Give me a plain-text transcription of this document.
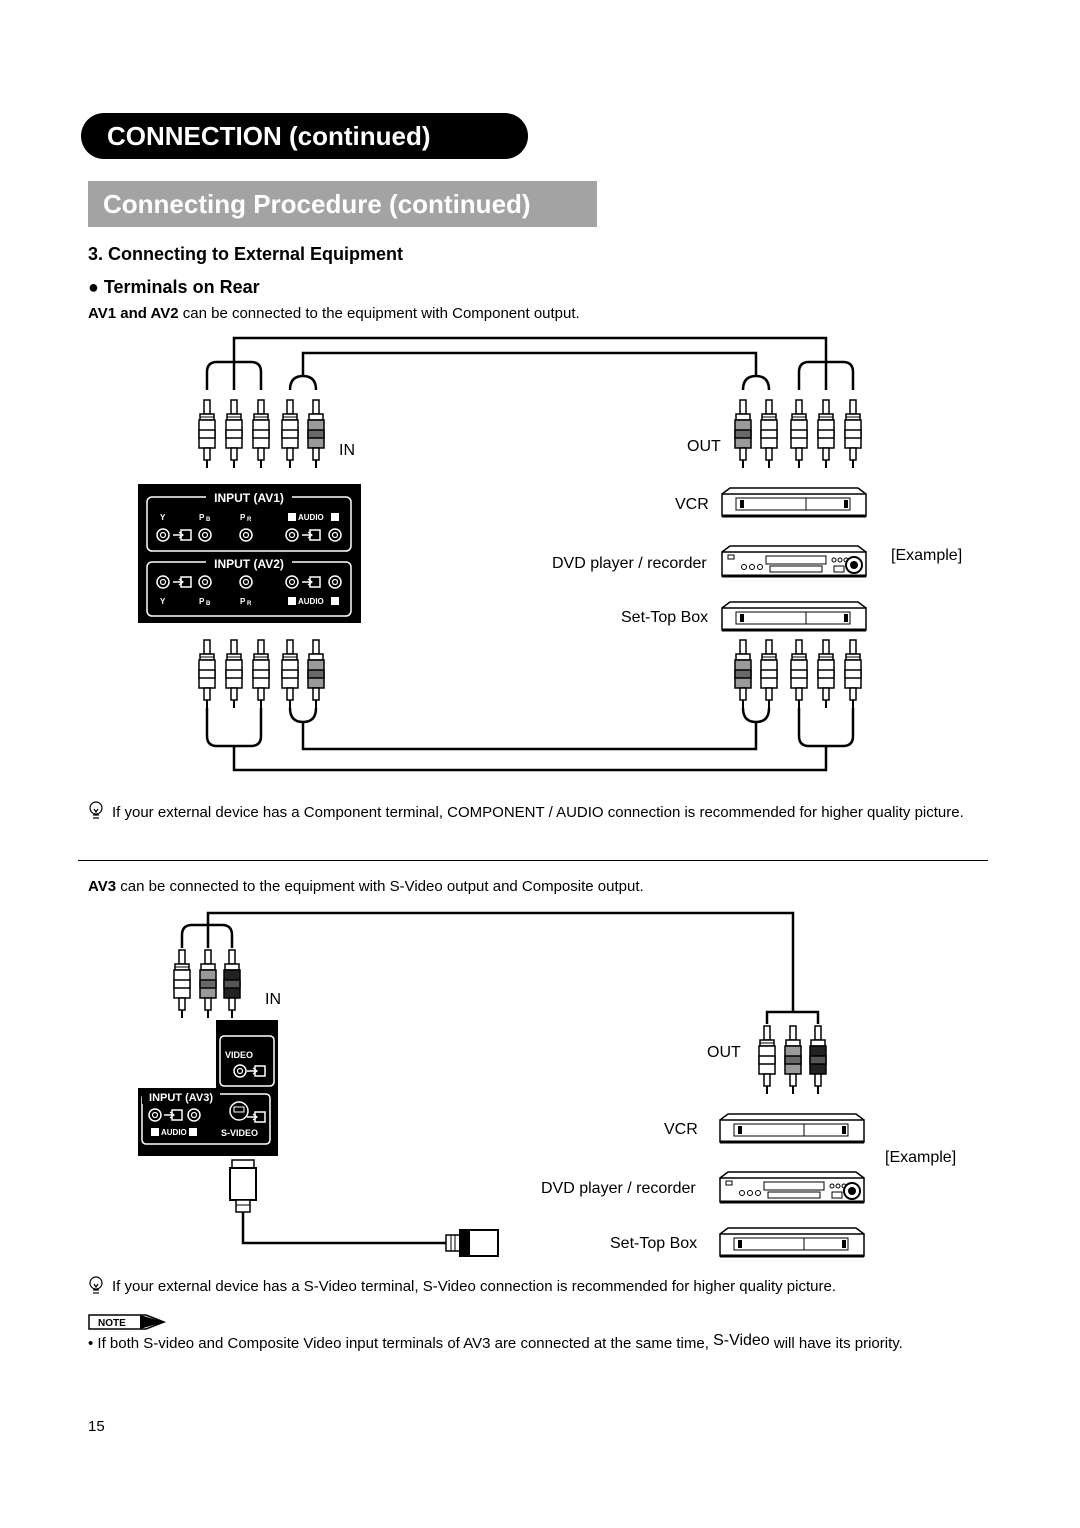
CONNECTION (continued)
Connecting Procedure (continued)
3. Connecting to External Equipment
● Terminals on Rear
AV1 and AV2 can be connected to the equipment with Component output.
INPUT (AV1)
INPUT (AV2)
Y	P B	P R	AUDIO
Y	P B	P R	AUDIO
INPUT (AV3)
VIDEO
AUDIO	S-VIDEO
NOTE
IN	OUT
VCR
DVD player / recorder
Set-Top Box
[Example]
If your external device has a Component terminal, COMPONENT / AUDIO connection is recommended for higher quality picture.
AV3 can be connected to the equipment with S-Video output and Composite output.
IN
OUT
VCR
DVD player / recorder
Set-Top Box
[Example]
If your external device has a S-Video terminal, S-Video connection is recommended for higher quality picture.
• If both S-video and Composite Video input terminals of AV3 are connected at the same time, S-Video will have its priority.
15
